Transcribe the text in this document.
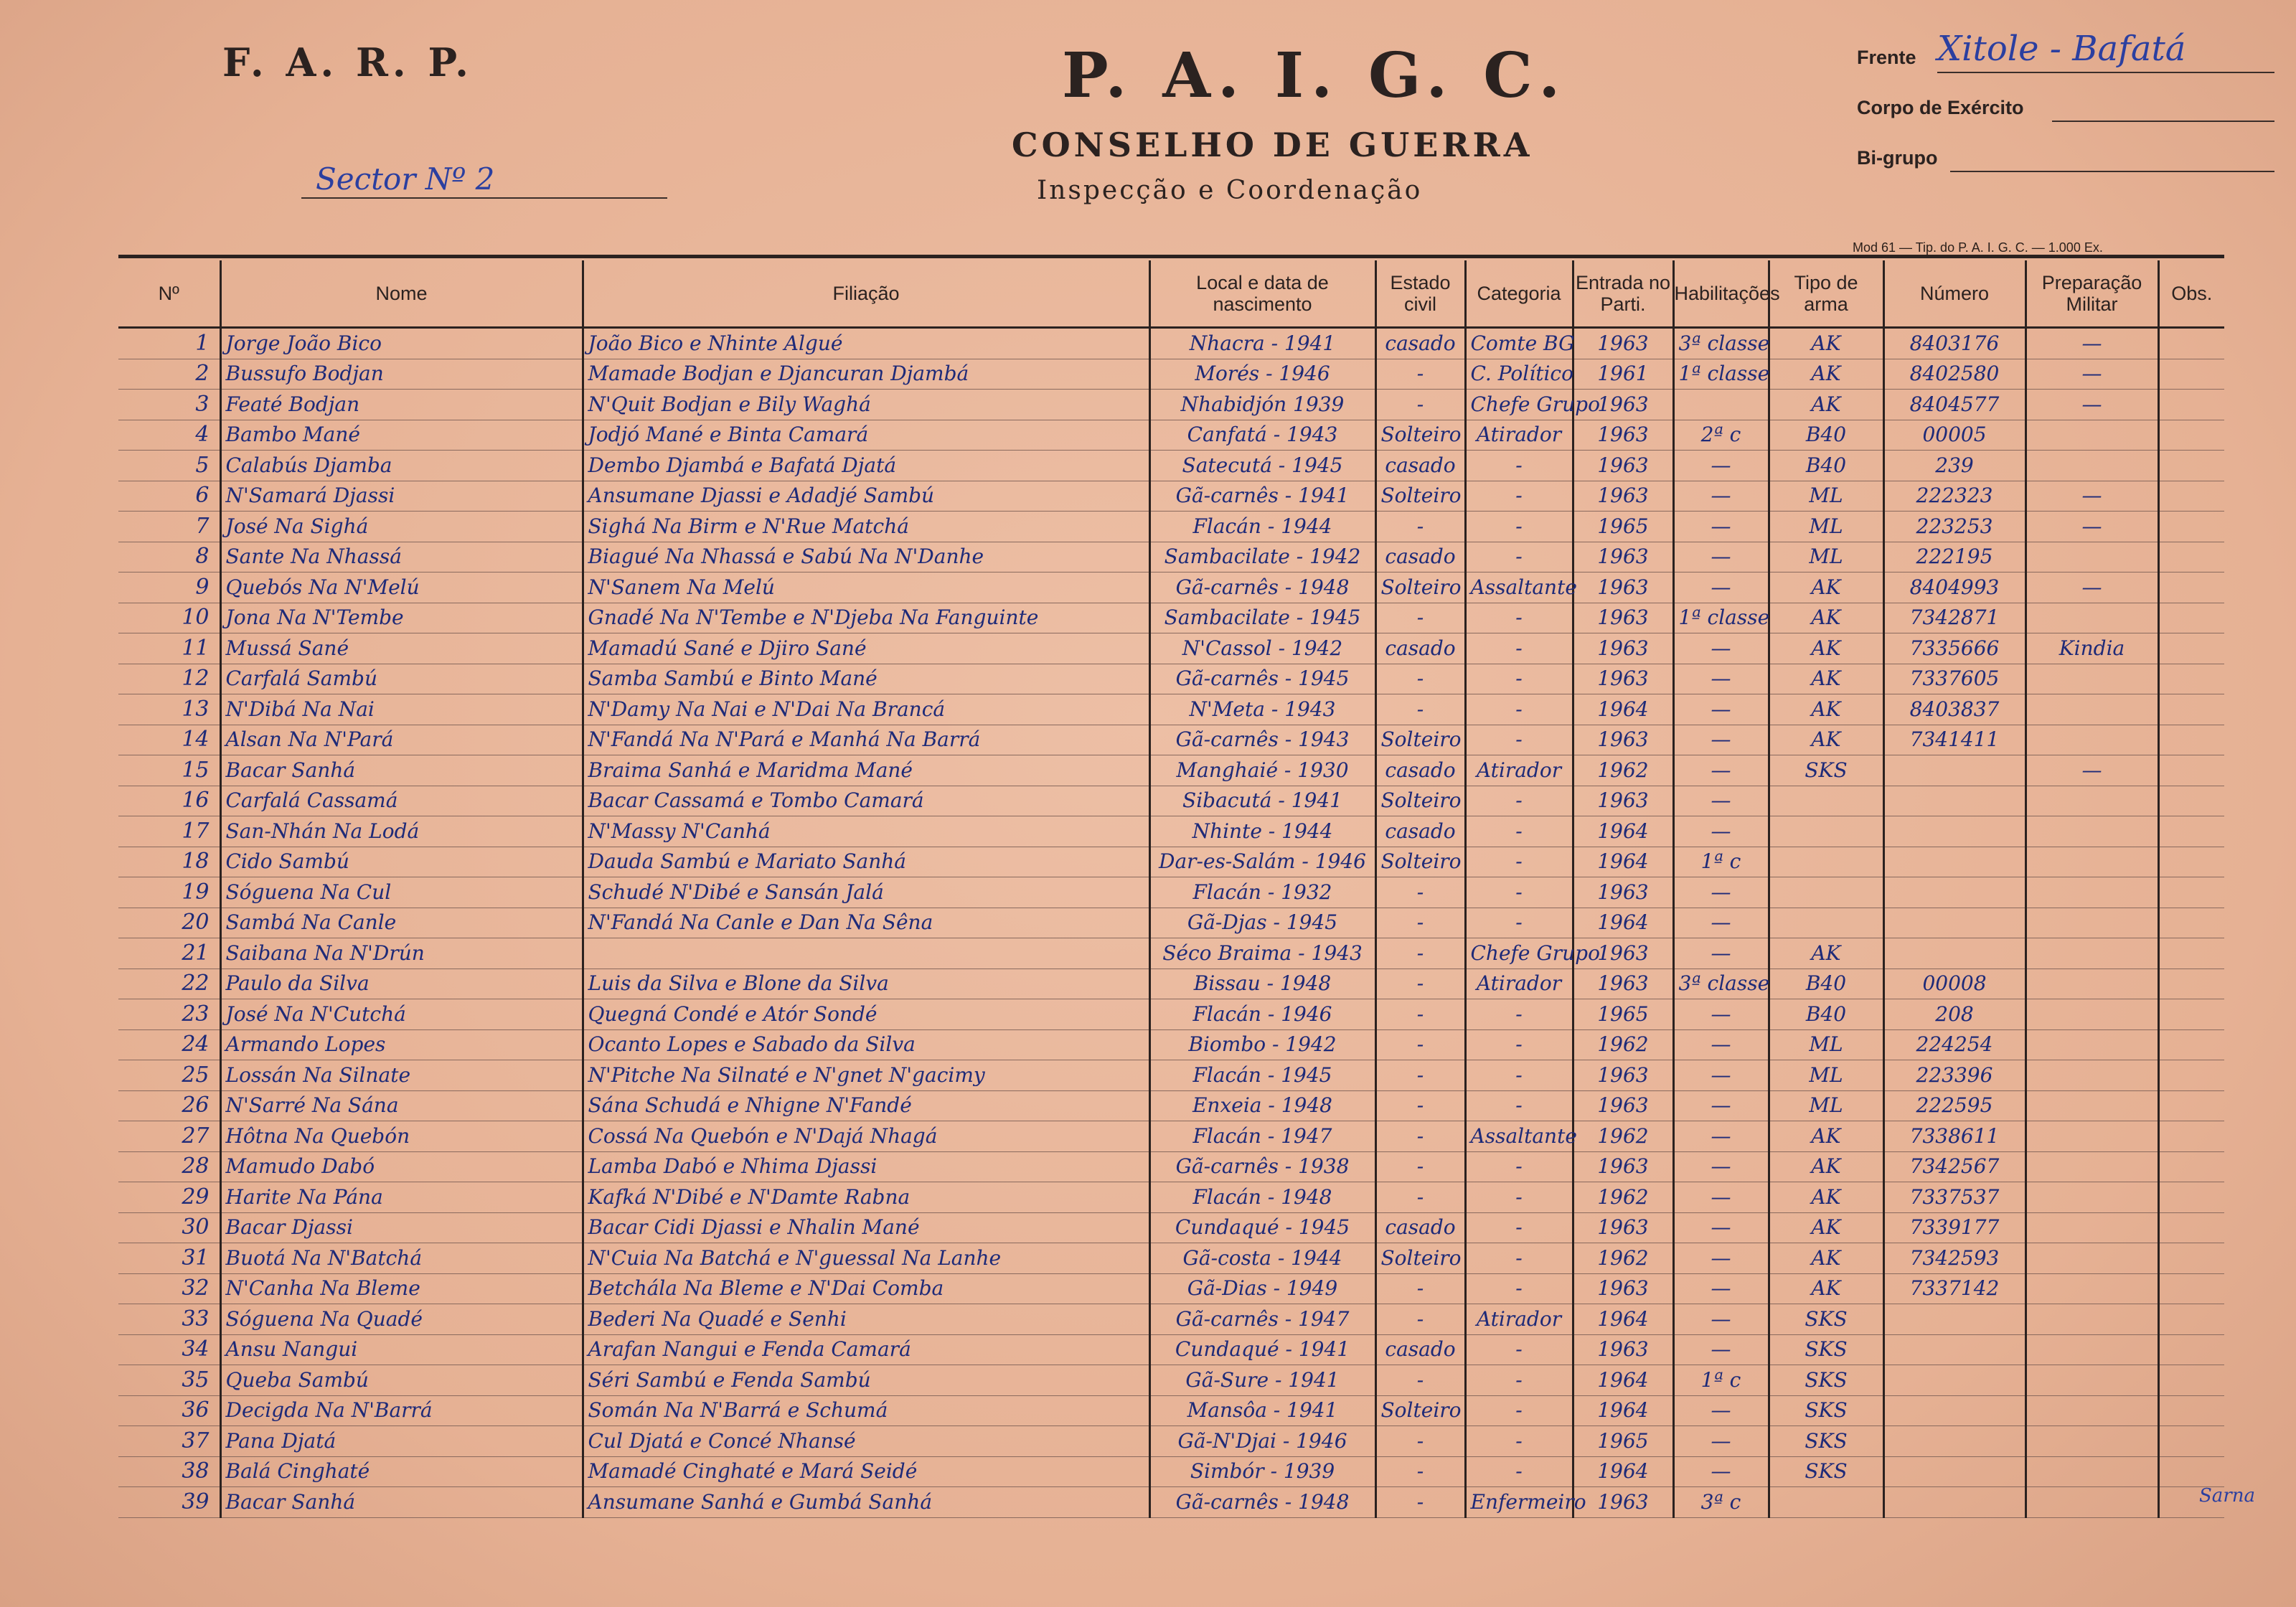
F. A. R. P.	P. A. I. G. C.
CONSELHO DE GUERRA
Inspecção e Coordenação
Sector Nº 2
Frente Xitole - Bafatá
Corpo de Exército
Bi-grupo
Mod 61 — Tip. do P. A. I. G. C. — 1.000 Ex.
Nº	Nome	Filiação	Local e data de nascimento	Estado civil	Categoria	Entrada no Parti.	Habilitações	Tipo de arma	Número	Preparação Militar	Obs.
1	Jorge João Bico	João Bico e Nhinte Algué	Nhacra - 1941	casado	Comte BG	1963	3ª classe	AK	8403176	—	
2	Bussufo Bodjan	Mamade Bodjan e Djancuran Djambá	Morés - 1946	-	C. Político	1961	1ª classe	AK	8402580	—	
3	Featé Bodjan	N'Quit Bodjan e Bily Waghá	Nhabidjón 1939	-	Chefe Grupo	1963		AK	8404577	—	
4	Bambo Mané	Jodjó Mané e Binta Camará	Canfatá - 1943	Solteiro	Atirador	1963	2ª c	B40	00005		
5	Calabús Djamba	Dembo Djambá e Bafatá Djatá	Satecutá - 1945	casado	-	1963	—	B40	239		
6	N'Samará Djassi	Ansumane Djassi e Adadjé Sambú	Gã-carnês - 1941	Solteiro	-	1963	—	ML	222323	—	
7	José Na Sighá	Sighá Na Birm e N'Rue Matchá	Flacán - 1944	-	-	1965	—	ML	223253	—	
8	Sante Na Nhassá	Biagué Na Nhassá e Sabú Na N'Danhe	Sambacilate - 1942	casado	-	1963	—	ML	222195		
9	Quebós Na N'Melú	N'Sanem Na Melú	Gã-carnês - 1948	Solteiro	Assaltante	1963	—	AK	8404993	—	
10	Jona Na N'Tembe	Gnadé Na N'Tembe e N'Djeba Na Fanguinte	Sambacilate - 1945	-	-	1963	1ª classe	AK	7342871		
11	Mussá Sané	Mamadú Sané e Djiro Sané	N'Cassol - 1942	casado	-	1963	—	AK	7335666	Kindia	
12	Carfalá Sambú	Samba Sambú e Binto Mané	Gã-carnês - 1945	-	-	1963	—	AK	7337605		
13	N'Dibá Na Nai	N'Damy Na Nai e N'Dai Na Brancá	N'Meta - 1943	-	-	1964	—	AK	8403837		
14	Alsan Na N'Pará	N'Fandá Na N'Pará e Manhá Na Barrá	Gã-carnês - 1943	Solteiro	-	1963	—	AK	7341411		
15	Bacar Sanhá	Braima Sanhá e Maridma Mané	Manghaié - 1930	casado	Atirador	1962	—	SKS		—	
16	Carfalá Cassamá	Bacar Cassamá e Tombo Camará	Sibacutá - 1941	Solteiro	-	1963	—				
17	San-Nhán Na Lodá	N'Massy N'Canhá	Nhinte - 1944	casado	-	1964	—				
18	Cido Sambú	Dauda Sambú e Mariato Sanhá	Dar-es-Salám - 1946	Solteiro	-	1964	1ª c				
19	Sóguena Na Cul	Schudé N'Dibé e Sansán Jalá	Flacán - 1932	-	-	1963	—				
20	Sambá Na Canle	N'Fandá Na Canle e Dan Na Sêna	Gã-Djas - 1945	-	-	1964	—				
21	Saibana Na N'Drún		Séco Braima - 1943	-	Chefe Grupo	1963	—	AK			
22	Paulo da Silva	Luis da Silva e Blone da Silva	Bissau - 1948	-	Atirador	1963	3ª classe	B40	00008		
23	José Na N'Cutchá	Quegná Condé e Atór Sondé	Flacán - 1946	-	-	1965	—	B40	208		
24	Armando Lopes	Ocanto Lopes e Sabado da Silva	Biombo - 1942	-	-	1962	—	ML	224254		
25	Lossán Na Silnate	N'Pitche Na Silnaté e N'gnet N'gacimy	Flacán - 1945	-	-	1963	—	ML	223396		
26	N'Sarré Na Sána	Sána Schudá e Nhigne N'Fandé	Enxeia - 1948	-	-	1963	—	ML	222595		
27	Hôtna Na Quebón	Cossá Na Quebón e N'Dajá Nhagá	Flacán - 1947	-	Assaltante	1962	—	AK	7338611		
28	Mamudo Dabó	Lamba Dabó e Nhima Djassi	Gã-carnês - 1938	-	-	1963	—	AK	7342567		
29	Harite Na Pána	Kafká N'Dibé e N'Damte Rabna	Flacán - 1948	-	-	1962	—	AK	7337537		
30	Bacar Djassi	Bacar Cidi Djassi e Nhalin Mané	Cundaqué - 1945	casado	-	1963	—	AK	7339177		
31	Buotá Na N'Batchá	N'Cuia Na Batchá e N'guessal Na Lanhe	Gã-costa - 1944	Solteiro	-	1962	—	AK	7342593		
32	N'Canha Na Bleme	Betchála Na Bleme e N'Dai Comba	Gã-Dias - 1949	-	-	1963	—	AK	7337142		
33	Sóguena Na Quadé	Bederi Na Quadé e Senhi	Gã-carnês - 1947	-	Atirador	1964	—	SKS			
34	Ansu Nangui	Arafan Nangui e Fenda Camará	Cundaqué - 1941	casado	-	1963	—	SKS			
35	Queba Sambú	Séri Sambú e Fenda Sambú	Gã-Sure - 1941	-	-	1964	1ª c	SKS			
36	Decigda Na N'Barrá	Somán Na N'Barrá e Schumá	Mansôa - 1941	Solteiro	-	1964	—	SKS			
37	Pana Djatá	Cul Djatá e Concé Nhansé	Gã-N'Djai - 1946	-	-	1965	—	SKS			
38	Balá Cinghaté	Mamadé Cinghaté e Mará Seidé	Simbór - 1939	-	-	1964	—	SKS			
39	Bacar Sanhá	Ansumane Sanhá e Gumbá Sanhá	Gã-carnês - 1948	-	Enfermeiro	1963	3ª c					Sarna
